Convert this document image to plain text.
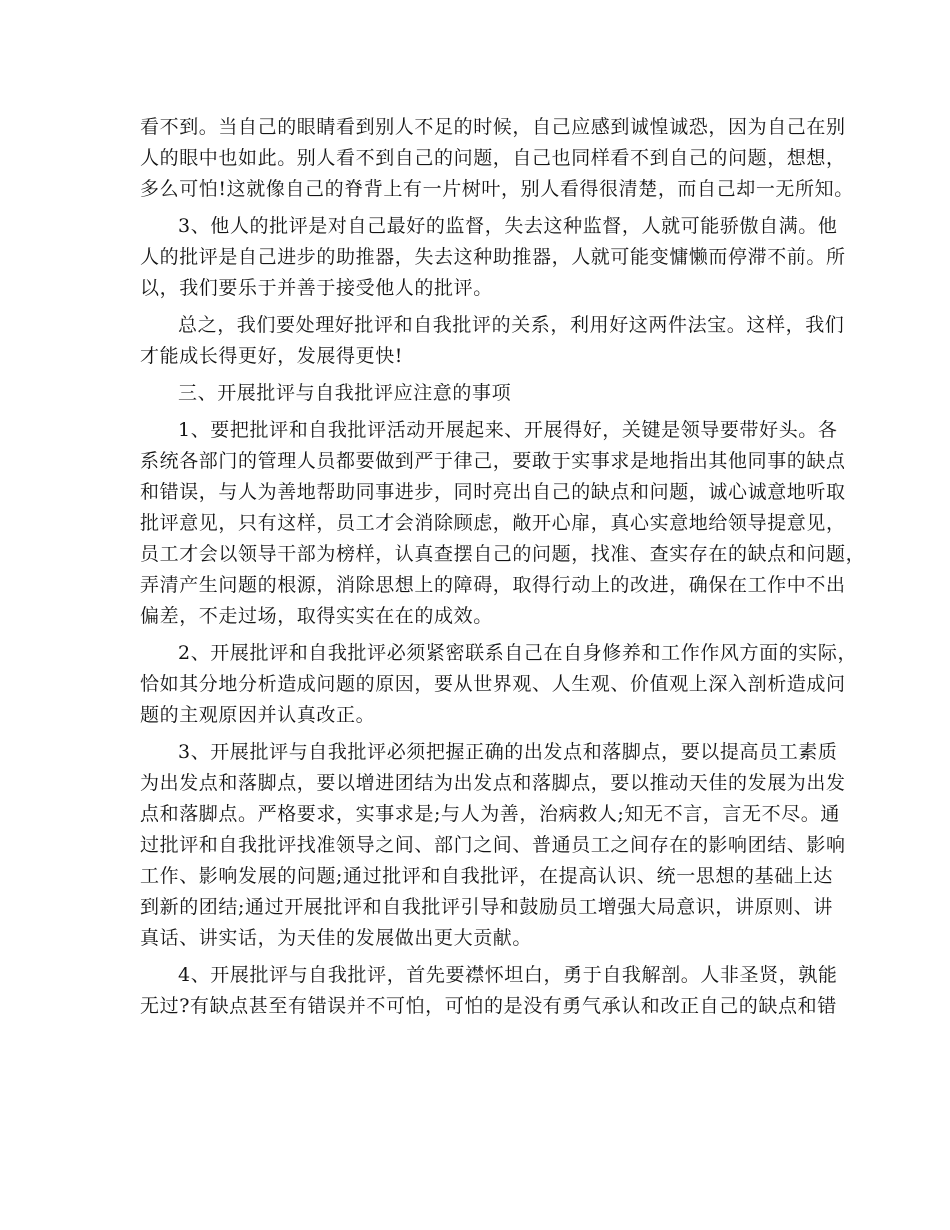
看不到。当自己的眼睛看到别人不足的时候，自己应感到诚惶诚恐，因为自己在别
人的眼中也如此。别人看不到自己的问题，自己也同样看不到自己的问题，想想，
多么可怕!这就像自己的脊背上有一片树叶，别人看得很清楚，而自己却一无所知。
3、他人的批评是对自己最好的监督，失去这种监督，人就可能骄傲自满。他
人的批评是自己进步的助推器，失去这种助推器，人就可能变慵懒而停滞不前。所
以，我们要乐于并善于接受他人的批评。
总之，我们要处理好批评和自我批评的关系，利用好这两件法宝。这样，我们
才能成长得更好，发展得更快!
三、开展批评与自我批评应注意的事项
1、要把批评和自我批评活动开展起来、开展得好，关键是领导要带好头。各
系统各部门的管理人员都要做到严于律己，要敢于实事求是地指出其他同事的缺点
和错误，与人为善地帮助同事进步，同时亮出自己的缺点和问题，诚心诚意地听取
批评意见，只有这样，员工才会消除顾虑，敞开心扉，真心实意地给领导提意见，
员工才会以领导干部为榜样，认真查摆自己的问题，找准、查实存在的缺点和问题，
弄清产生问题的根源，消除思想上的障碍，取得行动上的改进，确保在工作中不出
偏差，不走过场，取得实实在在的成效。
2、开展批评和自我批评必须紧密联系自己在自身修养和工作作风方面的实际，
恰如其分地分析造成问题的原因，要从世界观、人生观、价值观上深入剖析造成问
题的主观原因并认真改正。
3、开展批评与自我批评必须把握正确的出发点和落脚点，要以提高员工素质
为出发点和落脚点，要以增进团结为出发点和落脚点，要以推动天佳的发展为出发
点和落脚点。严格要求，实事求是;与人为善，治病救人;知无不言，言无不尽。通
过批评和自我批评找准领导之间、部门之间、普通员工之间存在的影响团结、影响
工作、影响发展的问题;通过批评和自我批评，在提高认识、统一思想的基础上达
到新的团结;通过开展批评和自我批评引导和鼓励员工增强大局意识，讲原则、讲
真话、讲实话，为天佳的发展做出更大贡献。
4、开展批评与自我批评，首先要襟怀坦白，勇于自我解剖。人非圣贤，孰能
无过?有缺点甚至有错误并不可怕，可怕的是没有勇气承认和改正自己的缺点和错
